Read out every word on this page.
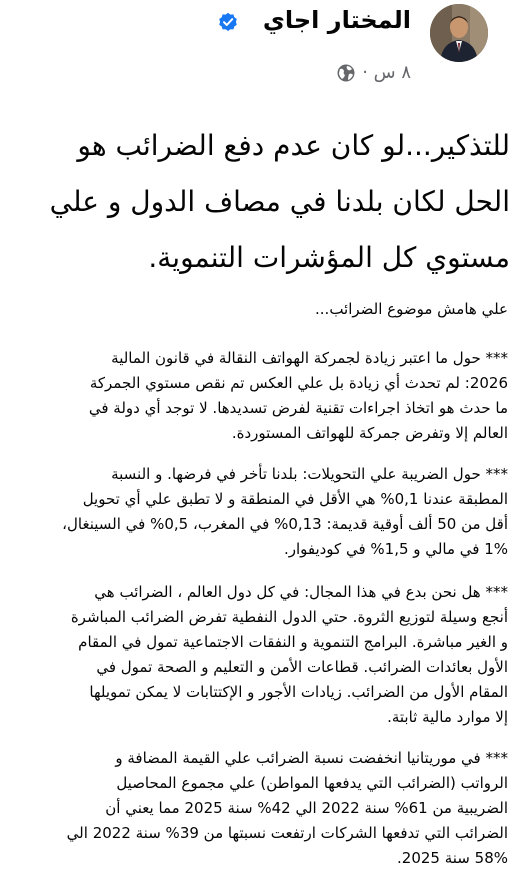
المختار اجاي
٨ س ·
للتذكير...لو كان عدم دفع الضرائب هو
الحل لكان بلدنا في مصاف الدول و علي
مستوي كل المؤشرات التنموية.
علي هامش موضوع الضرائب...
*** حول ما اعتبر زيادة لجمركة الهواتف النقالة في قانون المالية
2026: لم تحدث أي زيادة بل علي العكس تم نقص مستوي الجمركة
ما حدث هو اتخاذ اجراءات تقنية لفرض تسديدها. لا توجد أي دولة في
العالم إلا وتفرض جمركة للهواتف المستوردة.
*** حول الضريبة علي التحويلات: بلدنا تأخر في فرضها. و النسبة
المطبقة عندنا 0,1% هي الأقل في المنطقة و لا تطبق علي أي تحويل
أقل من 50 ألف أوقية قديمة: 0,13% في المغرب، 0,5% في السينغال،
1% في مالي و 1,5% في كوديفوار.
*** هل نحن بدع في هذا المجال: في كل دول العالم ، الضرائب هي
أنجع وسيلة لتوزيع الثروة. حتي الدول النفطية تفرض الضرائب المباشرة
و الغير مباشرة. البرامج التنموية و النفقات الاجتماعية تمول في المقام
الأول بعائدات الضرائب. قطاعات الأمن و التعليم و الصحة تمول في
المقام الأول من الضرائب. زيادات الأجور و الإكتتابات لا يمكن تمويلها
إلا موارد مالية ثابتة.
*** في موريتانيا انخفضت نسبة الضرائب علي القيمة المضافة و
الرواتب (الضرائب التي يدفعها المواطن) علي مجموع المحاصيل
الضريبية من 61% سنة 2022 الي 42% سنة 2025 مما يعني أن
الضرائب التي تدفعها الشركات ارتفعت نسبتها من 39% سنة 2022 الي
58% سنة 2025.
